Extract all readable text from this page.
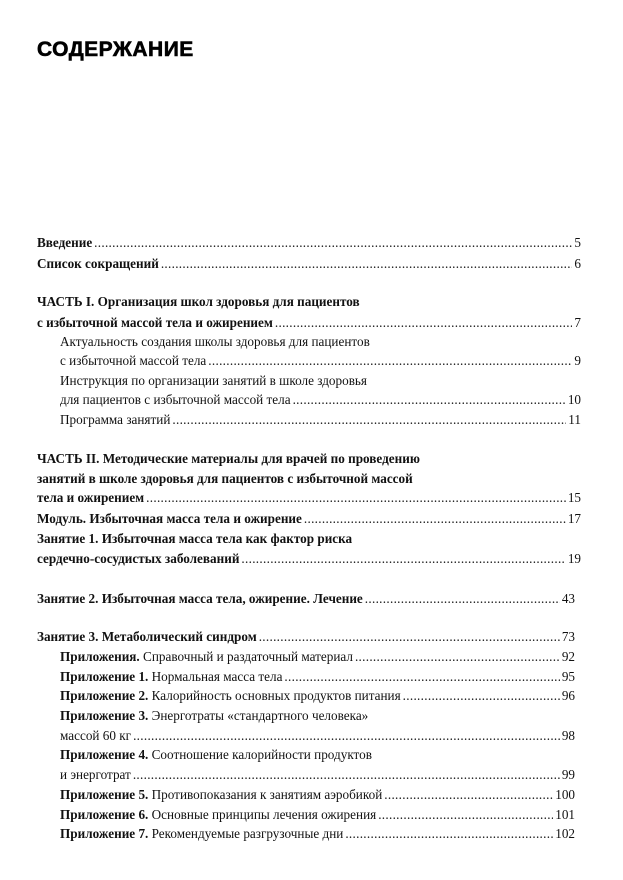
СОДЕРЖАНИЕ
Введение .....	5
Список сокращений .....	6
ЧАСТЬ I. Организация школ здоровья для пациентов
с избыточной массой тела и ожирением .....	7
Актуальность создания школы здоровья для пациентов
с избыточной массой тела .....	9
Инструкция по организации занятий в школе здоровья
для пациентов с избыточной массой тела .....	10
Программа занятий .....	11
ЧАСТЬ II. Методические материалы для врачей по проведению
занятий в школе здоровья для пациентов с избыточной массой
тела и ожирением .....	15
Модуль. Избыточная масса тела и ожирение .....	17
Занятие 1. Избыточная масса тела как фактор риска
сердечно-сосудистых заболеваний .....	19
Занятие 2. Избыточная масса тела, ожирение. Лечение .....	43
Занятие 3. Метаболический синдром .....	73
Приложения. Справочный и раздаточный материал .....	92
Приложение 1. Нормальная масса тела .....	95
Приложение 2. Калорийность основных продуктов питания .....	96
Приложение 3. Энерготраты «стандартного человека»
массой 60 кг .....	98
Приложение 4. Соотношение калорийности продуктов
и энерготрат .....	99
Приложение 5. Противопоказания к занятиям аэробикой .....	100
Приложение 6. Основные принципы лечения ожирения .....	101
Приложение 7. Рекомендуемые разгрузочные дни .....	102
